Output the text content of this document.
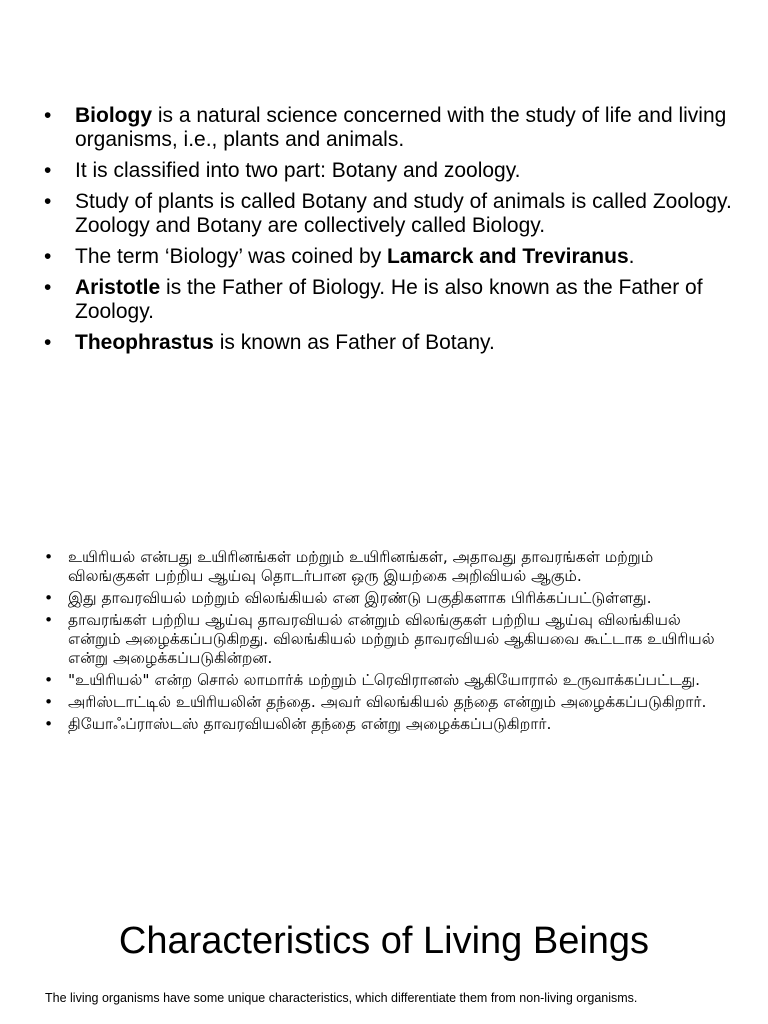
• Biology is a natural science concerned with the study of life and living organisms, i.e., plants and animals.
• It is classified into two part: Botany and zoology.
• Study of plants is called Botany and study of animals is called Zoology. Zoology and Botany are collectively called Biology.
• The term ‘Biology’ was coined by Lamarck and Treviranus.
• Aristotle is the Father of Biology. He is also known as the Father of Zoology.
• Theophrastus is known as Father of Botany.
• உயிரியல் என்பது உயிரினங்கள் மற்றும் உயிரினங்கள், அதாவது தாவரங்கள் மற்றும் விலங்குகள் பற்றிய ஆய்வு தொடர்பான ஒரு இயற்கை அறிவியல் ஆகும்.
• இது தாவரவியல் மற்றும் விலங்கியல் என இரண்டு பகுதிகளாக பிரிக்கப்பட்டுள்ளது.
• தாவரங்கள் பற்றிய ஆய்வு தாவரவியல் என்றும் விலங்குகள் பற்றிய ஆய்வு விலங்கியல் என்றும் அழைக்கப்படுகிறது. விலங்கியல் மற்றும் தாவரவியல் ஆகியவை கூட்டாக உயிரியல் என்று அழைக்கப்படுகின்றன.
• "உயிரியல்" என்ற சொல் லாமார்க் மற்றும் ட்ரெவிரானஸ் ஆகியோரால் உருவாக்கப்பட்டது.
• அரிஸ்டாட்டில் உயிரியலின் தந்தை. அவர் விலங்கியல் தந்தை என்றும் அழைக்கப்படுகிறார்.
• தியோஃப்ராஸ்டஸ் தாவரவியலின் தந்தை என்று அழைக்கப்படுகிறார்.
Characteristics of Living Beings

The living organisms have some unique characteristics, which differentiate them from non-living organisms.
